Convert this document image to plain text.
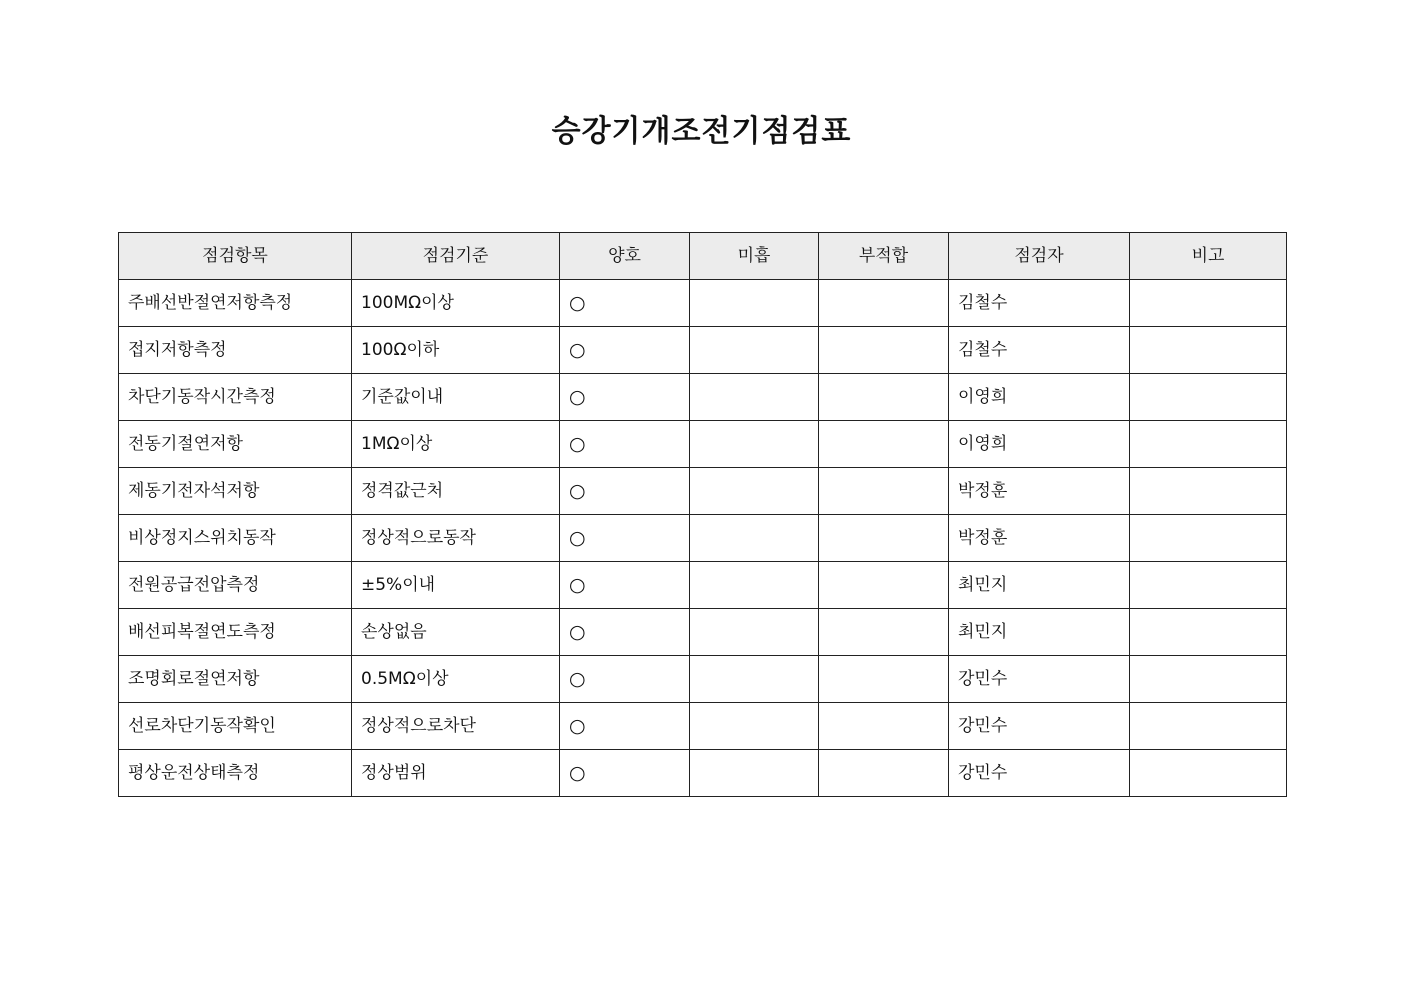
승강기개조전기점검표
점검항목	점검기준	양호	미흡	부적합	점검자	비고
주배선반절연저항측정	100MΩ이상	○			김철수	
접지저항측정	100Ω이하	○			김철수	
차단기동작시간측정	기준값이내	○			이영희	
전동기절연저항	1MΩ이상	○			이영희	
제동기전자석저항	정격값근처	○			박정훈	
비상정지스위치동작	정상적으로동작	○			박정훈	
전원공급전압측정	±5%이내	○			최민지	
배선피복절연도측정	손상없음	○			최민지	
조명회로절연저항	0.5MΩ이상	○			강민수	
선로차단기동작확인	정상적으로차단	○			강민수	
평상운전상태측정	정상범위	○			강민수	
